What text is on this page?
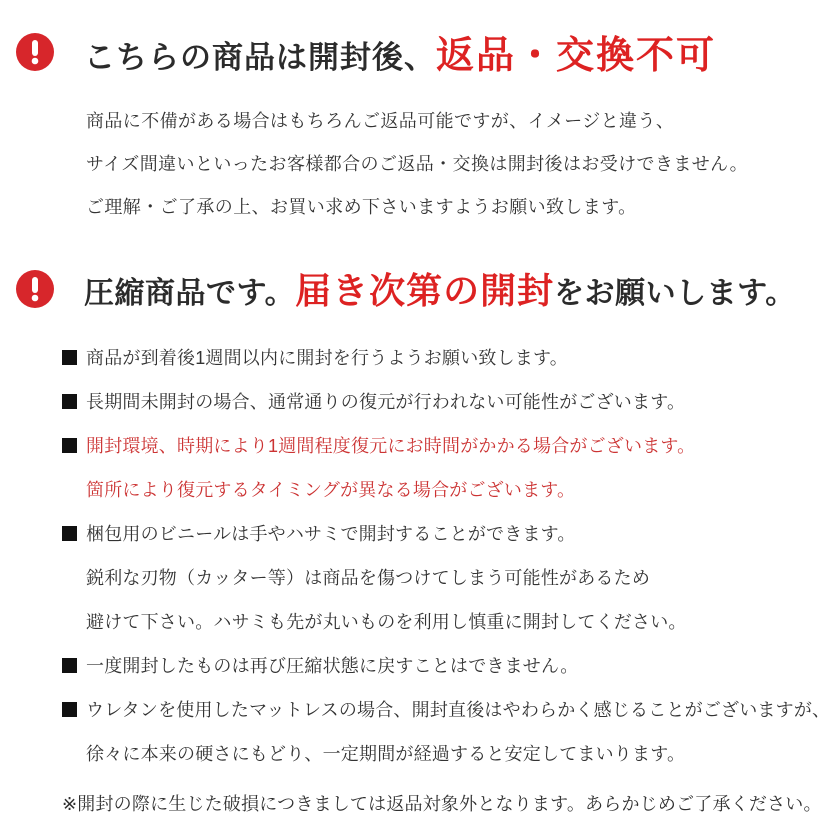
こちらの商品は開封後、返品・交換不可

商品に不備がある場合はもちろんご返品可能ですが、イメージと違う、

サイズ間違いといったお客様都合のご返品・交換は開封後はお受けできません。

ご理解・ご了承の上、お買い求め下さいますようお願い致します。

圧縮商品です。届き次第の開封をお願いします。
商品が到着後1週間以内に開封を行うようお願い致します。
長期間未開封の場合、通常通りの復元が行われない可能性がございます。
開封環境、時期により1週間程度復元にお時間がかかる場合がございます。
箇所により復元するタイミングが異なる場合がございます。
梱包用のビニールは手やハサミで開封することができます。
鋭利な刃物（カッター等）は商品を傷つけてしまう可能性があるため
避けて下さい。ハサミも先が丸いものを利用し慎重に開封してください。
一度開封したものは再び圧縮状態に戻すことはできません。
ウレタンを使用したマットレスの場合、開封直後はやわらかく感じることがございますが、
徐々に本来の硬さにもどり、一定期間が経過すると安定してまいります。
※開封の際に生じた破損につきましては返品対象外となります。あらかじめご了承ください。
